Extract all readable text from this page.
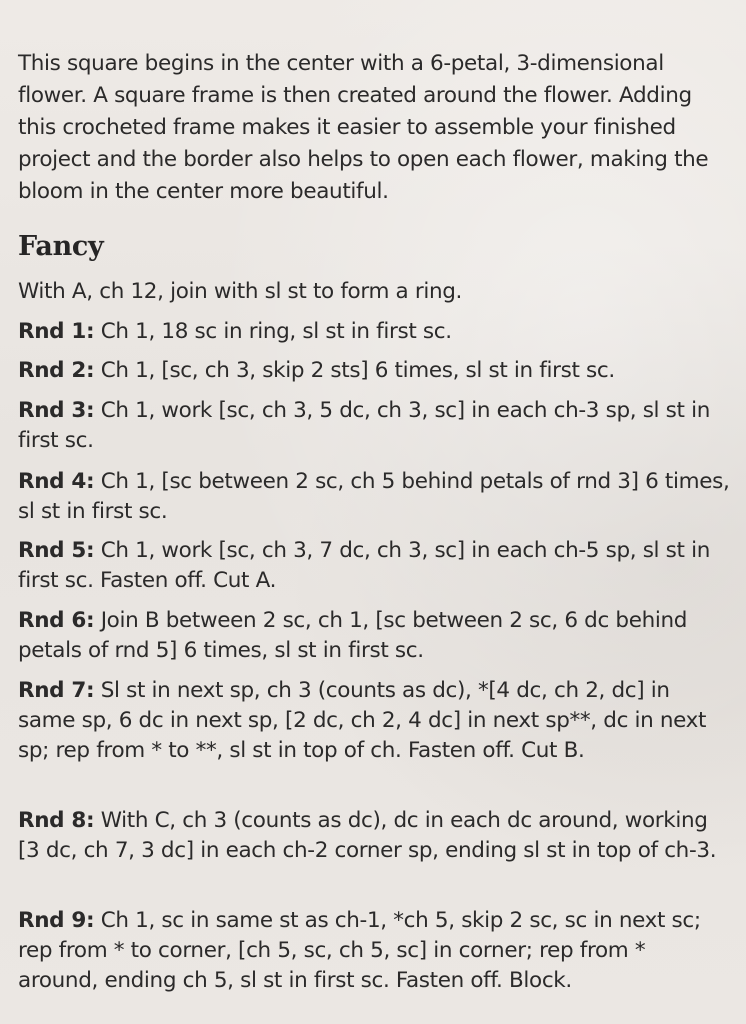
This square begins in the center with a 6-petal, 3-dimensional flower. A square frame is then created around the flower. Adding this crocheted frame makes it easier to assemble your finished project and the border also helps to open each flower, making the bloom in the center more beautiful.

Fancy

With A, ch 12, join with sl st to form a ring.

Rnd 1: Ch 1, 18 sc in ring, sl st in first sc.

Rnd 2: Ch 1, [sc, ch 3, skip 2 sts] 6 times, sl st in first sc.

Rnd 3: Ch 1, work [sc, ch 3, 5 dc, ch 3, sc] in each ch-3 sp, sl st in first sc.

Rnd 4: Ch 1, [sc between 2 sc, ch 5 behind petals of rnd 3] 6 times, sl st in first sc.

Rnd 5: Ch 1, work [sc, ch 3, 7 dc, ch 3, sc] in each ch-5 sp, sl st in first sc. Fasten off. Cut A.

Rnd 6: Join B between 2 sc, ch 1, [sc between 2 sc, 6 dc behind petals of rnd 5] 6 times, sl st in first sc.

Rnd 7: Sl st in next sp, ch 3 (counts as dc), *[4 dc, ch 2, dc] in same sp, 6 dc in next sp, [2 dc, ch 2, 4 dc] in next sp**, dc in next sp; rep from * to **, sl st in top of ch. Fasten off. Cut B.

Rnd 8: With C, ch 3 (counts as dc), dc in each dc around, working [3 dc, ch 7, 3 dc] in each ch-2 corner sp, ending sl st in top of ch-3.

Rnd 9: Ch 1, sc in same st as ch-1, *ch 5, skip 2 sc, sc in next sc; rep from * to corner, [ch 5, sc, ch 5, sc] in corner; rep from * around, ending ch 5, sl st in first sc. Fasten off. Block.
